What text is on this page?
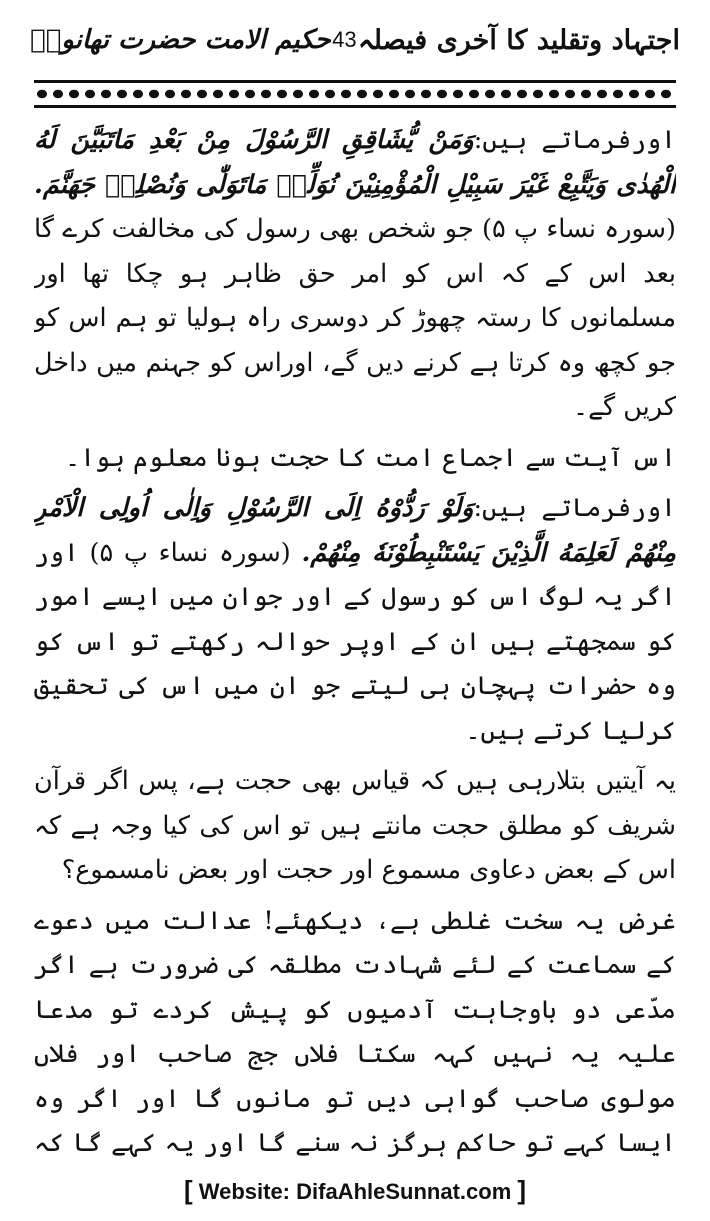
اجتہاد وتقلید کا آخری فیصلہ
43
حکیم الامت حضرت تھانویؒ

اورفرماتے ہیں:وَمَنْ يُّشَاقِقِ الرَّسُوْلَ مِنْ بَعْدِ مَاتَبَيَّنَ لَهُ الْهُدٰى وَيَتَّبِعْ غَيْرَ سَبِيْلِ الْمُؤْمِنِيْنَ نُوَلِّهٖ مَاتَوَلّٰى وَنُصْلِهٖ جَهَنَّمَ. (سورہ نساء پ ۵) جو شخص بھی رسول کی مخالفت کرے گا بعد اس کے کہ اس کو امر حق ظاہر ہو چکا تھا اور مسلمانوں کا رستہ چھوڑ کر دوسری راہ ہولیا تو ہم اس کو جو کچھ وہ کرتا ہے کرنے دیں گے، اوراس کو جہنم میں داخل کریں گے۔

اس آیت سے اجماع امت کا حجت ہونا معلوم ہوا۔

اورفرماتے ہیں:وَلَوْ رَدُّوْهُ اِلَى الرَّسُوْلِ وَاِلٰى اُولِى الْاَمْرِ مِنْهُمْ لَعَلِمَهُ الَّذِيْنَ يَسْتَنْبِطُوْنَهٗ مِنْهُمْ. (سورہ نساء پ ۵) اور اگر یہ لوگ اس کو رسول کے اور جوان میں ایسے امور کو سمجھتے ہیں ان کے اوپر حوالہ رکھتے تو اس کو وہ حضرات پہچان ہی لیتے جو ان میں اس کی تحقیق کرلیا کرتے ہیں۔

یہ آیتیں بتلارہی ہیں کہ قیاس بھی حجت ہے، پس اگر قرآن شریف کو مطلق حجت مانتے ہیں تو اس کی کیا وجہ ہے کہ اس کے بعض دعاوی مسموع اور حجت اور بعض نامسموع؟

غرض یہ سخت غلطی ہے، دیکھئے! عدالت میں دعوے کے سماعت کے لئے شہادت مطلقہ کی ضرورت ہے اگر مدّعی دو باوجاہت آدمیوں کو پیش کردے تو مدعا علیہ یہ نہیں کہہ سکتا فلاں جج صاحب اور فلاں مولوی صاحب گواہی دیں تو مانوں گا اور اگر وہ ایسا کہے تو حاکم ہرگز نہ سنے گا اور یہ کہے گا کہ

[ Website: DifaAhleSunnat.com ]
